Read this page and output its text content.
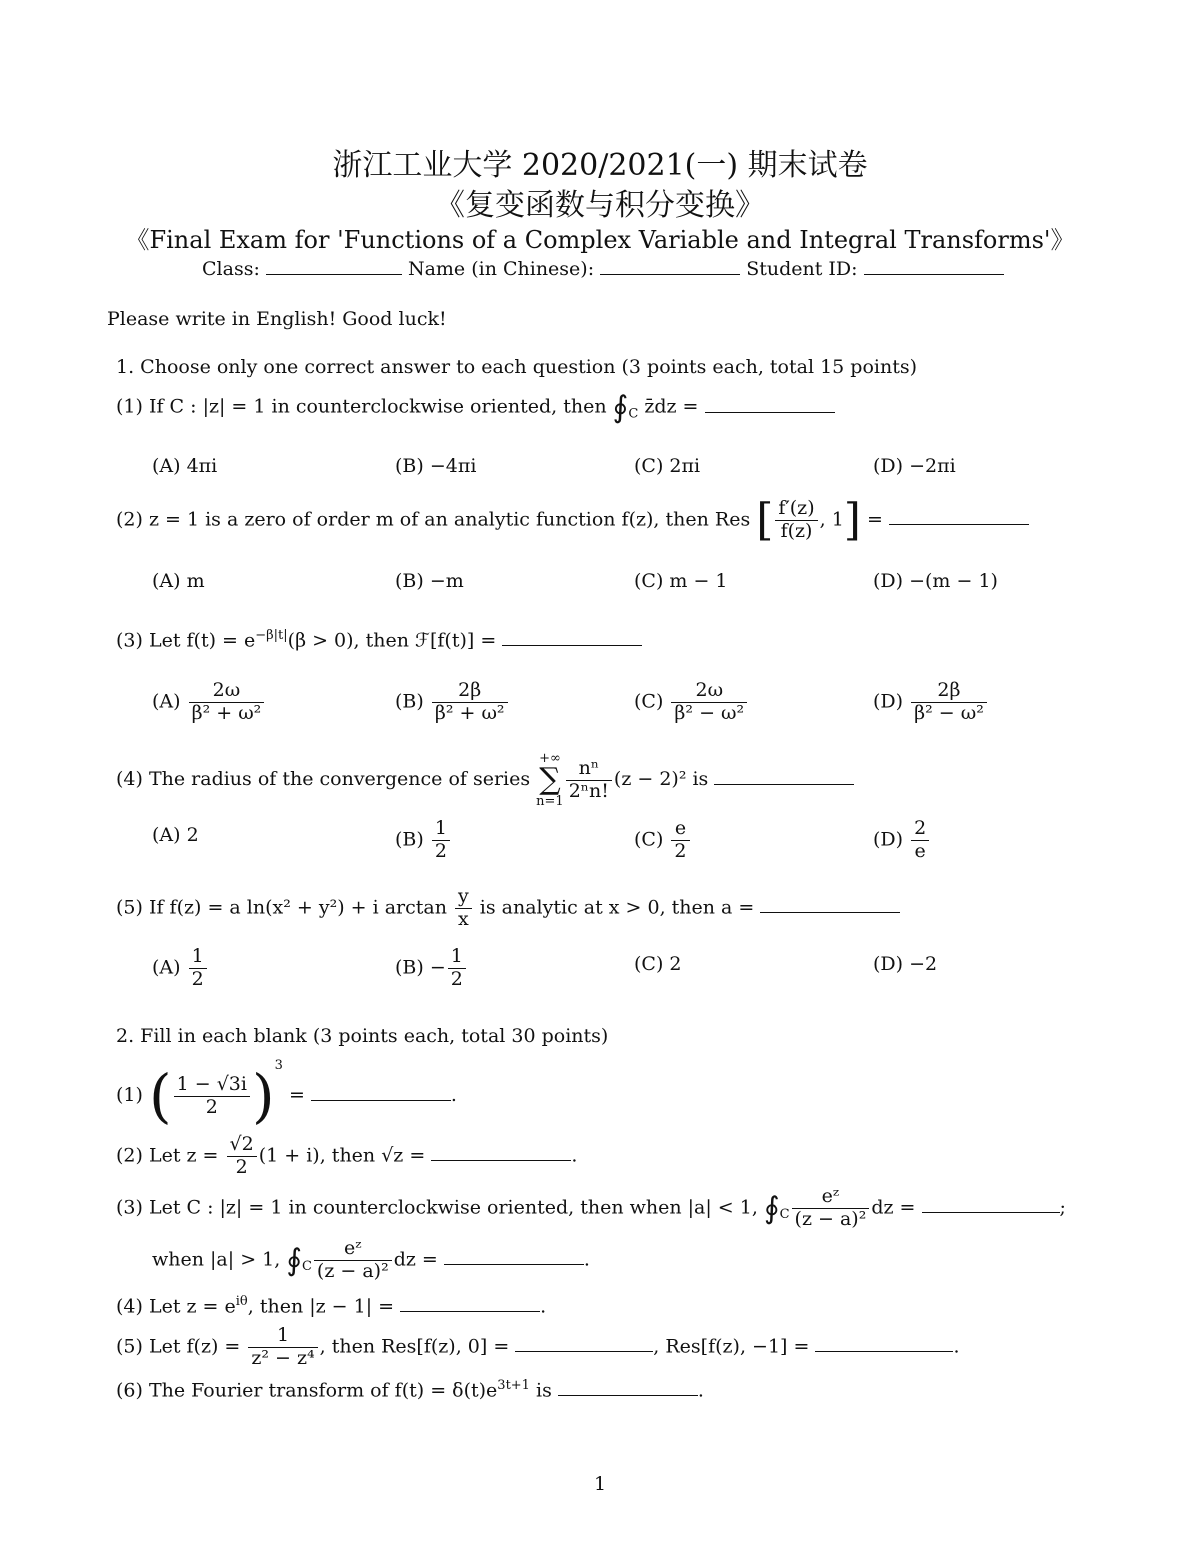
浙江工业大学 2020/2021(一) 期末试卷
《复变函数与积分变换》
《Final Exam for 'Functions of a Complex Variable and Integral Transforms'》
Class:	Name (in Chinese):	Student ID:
Please write in English! Good luck!
1. Choose only one correct answer to each question (3 points each, total 15 points)
(1) If C : |z| = 1 in counterclockwise oriented, then $∮_C$ z̄dz =
(A) 4πi	(B) −4πi	(C) 2πi	(D) −2πi
(2) z = 1 is a zero of order m of an analytic function f(z), then Res [ $\frac{f'(z)}{f(z)}$ , 1] =
(A) m	(B) −m	(C) m − 1	(D) −(m − 1)
(3) Let $f(t) = e^{-\beta|t|}(\beta > 0)$, then ℱ[f(t)] =
$(A) \frac{2\omega}{\text{β² + ω²}}$	$(B) \frac{2\beta}{\text{β² + ω²}}$	$(C) \frac{2\omega}{\text{β² − ω²}}$	$(D) \frac{2\beta}{\text{β² − ω²}}$
(4) The radius of the convergence of series
+∞
∑
$n=1 \frac{\text{nⁿ}}{\text{2ⁿn!}} (z - 2)^2$ is
(A) 2	$(B) \frac{1}{2}$	$(C) \frac{e}{2}$	$(D) \frac{2}{e}$
(5) If f(z) = a ln(x² + y²) + i $\arctan \frac{y}{x}$ is analytic at x > 0, then a =
$(A) \frac{1}{2}$	$(B) - \frac{1}{2}$	(C) 2	(D) −2
2. Fill in each blank (3 points each, total 30 points)
(1) ( $\frac{1 - √3i}{2} )^3$ =	.
(2) Let $z = \frac{√2}{2} (1 + i)$, then √z =	.
(3) Let C : |z| = 1 in counterclockwise oriented, then when |a| < 1, $∮_C \frac{\text{eᶻ}}{\text{(z − a)²}}$ dz =	;
when |a| > 1, $∮_C \frac{\text{eᶻ}}{\text{(z − a)²}}$ dz =	.
(4) Let $z = e^{i\theta}$, then |z − 1| =	.
(5) Let $f(z) = \frac{1}{\text{z² − z⁴}}$ , then Res[f(z), 0] =	, Res[f(z), −1] =	.
(6) The Fourier transform of $f(t) = \delta(t)e^{3t+1}$ is	.
1
